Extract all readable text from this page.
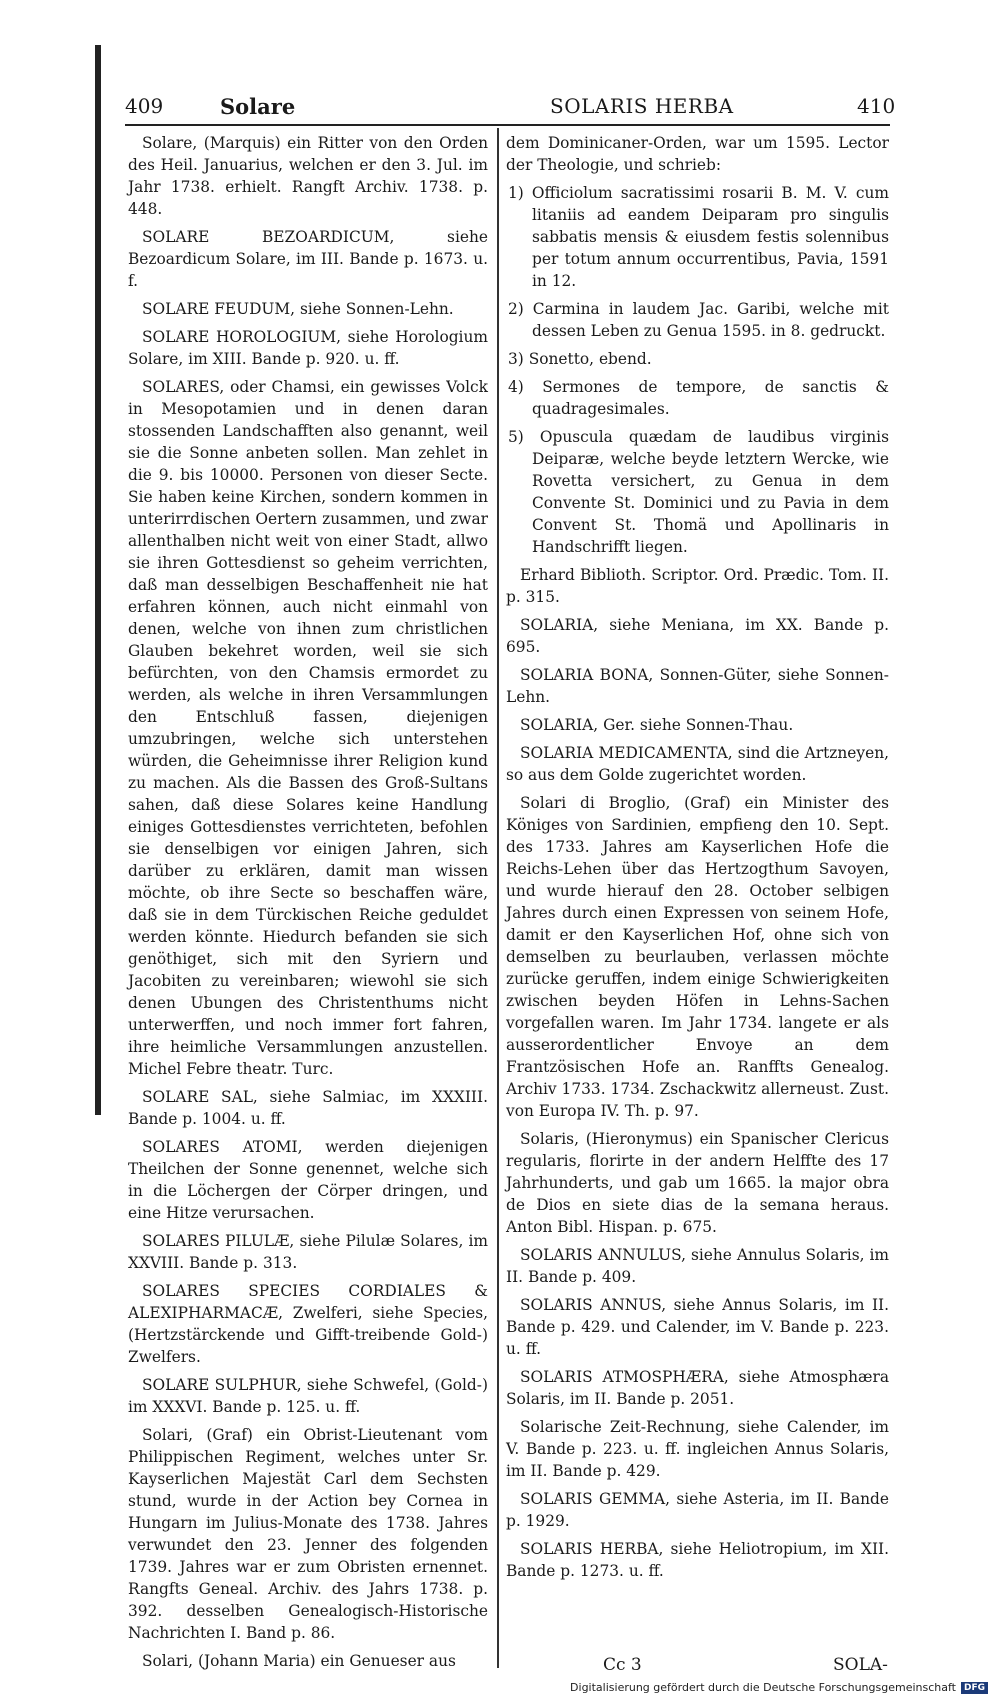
409	Solare	SOLARIS HERBA	410

Solare, (Marquis) ein Ritter von den Orden des Heil. Januarius, welchen er den 3. Jul. im Jahr 1738. erhielt. Rangft Archiv. 1738. p. 448.

SOLARE BEZOARDICUM, siehe Bezoardicum Solare, im III. Bande p. 1673. u. f.

SOLARE FEUDUM, siehe Sonnen-Lehn.

SOLARE HOROLOGIUM, siehe Horologium Solare, im XIII. Bande p. 920. u. ff.

SOLARES, oder Chamsi, ein gewisses Volck in Mesopotamien und in denen daran stossenden Landschafften also genannt, weil sie die Sonne anbeten sollen. Man zehlet in die 9. bis 10000. Personen von dieser Secte. Sie haben keine Kirchen, sondern kommen in unterirrdischen Oertern zusammen, und zwar allenthalben nicht weit von einer Stadt, allwo sie ihren Gottesdienst so geheim verrichten, daß man desselbigen Beschaffenheit nie hat erfahren können, auch nicht einmahl von denen, welche von ihnen zum christlichen Glauben bekehret worden, weil sie sich befürchten, von den Chamsis ermordet zu werden, als welche in ihren Versammlungen den Entschluß fassen, diejenigen umzubringen, welche sich unterstehen würden, die Geheimnisse ihrer Religion kund zu machen. Als die Bassen des Groß-Sultans sahen, daß diese Solares keine Handlung einiges Gottesdienstes verrichteten, befohlen sie denselbigen vor einigen Jahren, sich darüber zu erklären, damit man wissen möchte, ob ihre Secte so beschaffen wäre, daß sie in dem Türckischen Reiche geduldet werden könnte. Hiedurch befanden sie sich genöthiget, sich mit den Syriern und Jacobiten zu vereinbaren; wiewohl sie sich denen Ubungen des Christenthums nicht unterwerffen, und noch immer fort fahren, ihre heimliche Versammlungen anzustellen. Michel Febre theatr. Turc.

SOLARE SAL, siehe Salmiac, im XXXIII. Bande p. 1004. u. ff.

SOLARES ATOMI, werden diejenigen Theilchen der Sonne genennet, welche sich in die Löchergen der Cörper dringen, und eine Hitze verursachen.

SOLARES PILULÆ, siehe Pilulæ Solares, im XXVIII. Bande p. 313.

SOLARES SPECIES CORDIALES & ALEXIPHARMACÆ, Zwelferi, siehe Species, (Hertzstärckende und Gifft-treibende Gold-) Zwelfers.

SOLARE SULPHUR, siehe Schwefel, (Gold-) im XXXVI. Bande p. 125. u. ff.

Solari, (Graf) ein Obrist-Lieutenant vom Philippischen Regiment, welches unter Sr. Kayserlichen Majestät Carl dem Sechsten stund, wurde in der Action bey Cornea in Hungarn im Julius-Monate des 1738. Jahres verwundet den 23. Jenner des folgenden 1739. Jahres war er zum Obristen ernennet. Rangfts Geneal. Archiv. des Jahrs 1738. p. 392. desselben Genealogisch-Historische Nachrichten I. Band p. 86.

Solari, (Johann Maria) ein Genueser aus

dem Dominicaner-Orden, war um 1595. Lector der Theologie, und schrieb:

1) Officiolum sacratissimi rosarii B. M. V. cum litaniis ad eandem Deiparam pro singulis sabbatis mensis & eiusdem festis solennibus per totum annum occurrentibus, Pavia, 1591 in 12.

2) Carmina in laudem Jac. Garibi, welche mit dessen Leben zu Genua 1595. in 8. gedruckt.

3) Sonetto, ebend.

4) Sermones de tempore, de sanctis & quadragesimales.

5) Opuscula quædam de laudibus virginis Deiparæ, welche beyde letztern Wercke, wie Rovetta versichert, zu Genua in dem Convente St. Dominici und zu Pavia in dem Convent St. Thomä und Apollinaris in Handschrifft liegen.

Erhard Biblioth. Scriptor. Ord. Prædic. Tom. II. p. 315.

SOLARIA, siehe Meniana, im XX. Bande p. 695.

SOLARIA BONA, Sonnen-Güter, siehe Sonnen-Lehn.

SOLARIA, Ger. siehe Sonnen-Thau.

SOLARIA MEDICAMENTA, sind die Artzneyen, so aus dem Golde zugerichtet worden.

Solari di Broglio, (Graf) ein Minister des Königes von Sardinien, empfieng den 10. Sept. des 1733. Jahres am Kayserlichen Hofe die Reichs-Lehen über das Hertzogthum Savoyen, und wurde hierauf den 28. October selbigen Jahres durch einen Expressen von seinem Hofe, damit er den Kayserlichen Hof, ohne sich von demselben zu beurlauben, verlassen möchte zurücke geruffen, indem einige Schwierigkeiten zwischen beyden Höfen in Lehns-Sachen vorgefallen waren. Im Jahr 1734. langete er als ausserordentlicher Envoye an dem Frantzösischen Hofe an. Ranffts Genealog. Archiv 1733. 1734. Zschackwitz allerneust. Zust. von Europa IV. Th. p. 97.

Solaris, (Hieronymus) ein Spanischer Clericus regularis, florirte in der andern Helffte des 17 Jahrhunderts, und gab um 1665. la major obra de Dios en siete dias de la semana heraus. Anton Bibl. Hispan. p. 675.

SOLARIS ANNULUS, siehe Annulus Solaris, im II. Bande p. 409.

SOLARIS ANNUS, siehe Annus Solaris, im II. Bande p. 429. und Calender, im V. Bande p. 223. u. ff.

SOLARIS ATMOSPHÆRA, siehe Atmosphæra Solaris, im II. Bande p. 2051.

Solarische Zeit-Rechnung, siehe Calender, im V. Bande p. 223. u. ff. ingleichen Annus Solaris, im II. Bande p. 429.

SOLARIS GEMMA, siehe Asteria, im II. Bande p. 1929.

SOLARIS HERBA, siehe Heliotropium, im XII. Bande p. 1273. u. ff.

Cc 3	SOLA-
Digitalisierung gefördert durch die Deutsche Forschungsgemeinschaft DFG
